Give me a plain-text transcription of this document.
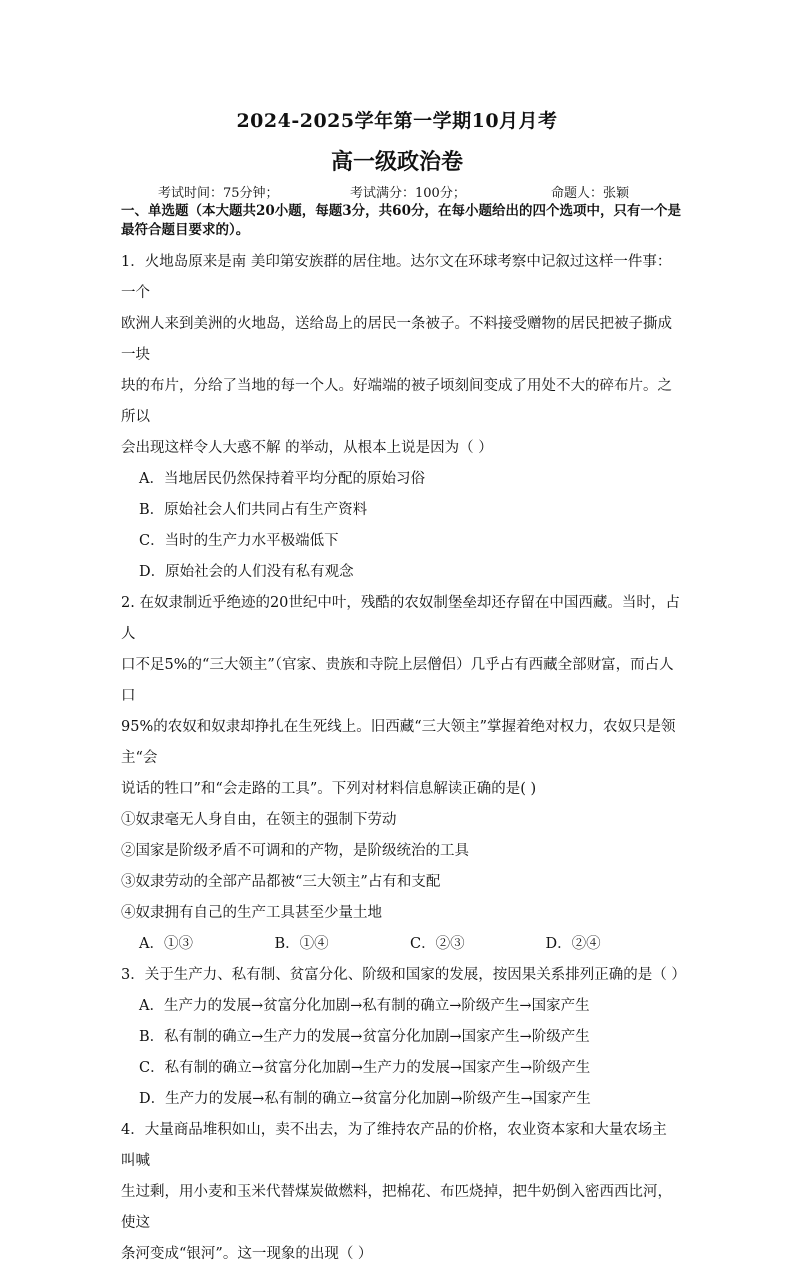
2024-2025学年第一学期10月月考
高一级政治卷
考试时间：75分钟；	考试满分：100分；	命题人：张颖
一、单选题（本大题共20小题，每题3分，共60分，在每小题给出的四个选项中，只有一个是最符合题目要求的）。

1．火地岛原来是南 美印第安族群的居住地。达尔文在环球考察中记叙过这样一件事：一个

欧洲人来到美洲的火地岛，送给岛上的居民一条被子。不料接受赠物的居民把被子撕成一块

块的布片，分给了当地的每一个人。好端端的被子顷刻间变成了用处不大的碎布片。之所以

会出现这样令人大惑不解 的举动，从根本上说是因为（ ）

A．当地居民仍然保持着平均分配的原始习俗

B．原始社会人们共同占有生产资料

C．当时的生产力水平极端低下

D．原始社会的人们没有私有观念

2. 在奴隶制近乎绝迹的20世纪中叶，残酷的农奴制堡垒却还存留在中国西藏。当时，占人

口不足5%的“三大领主”（官家、贵族和寺院上层僧侣）几乎占有西藏全部财富，而占人口

95%的农奴和奴隶却挣扎在生死线上。旧西藏“三大领主”掌握着绝对权力，农奴只是领主“会

说话的牲口”和“会走路的工具”。下列对材料信息解读正确的是( )

①奴隶毫无人身自由，在领主的强制下劳动

②国家是阶级矛盾不可调和的产物，是阶级统治的工具

③奴隶劳动的全部产品都被“三大领主”占有和支配

④奴隶拥有自己的生产工具甚至少量土地

A．①③	B．①④	C．②③	D．②④

3．关于生产力、私有制、贫富分化、阶级和国家的发展，按因果关系排列正确的是（ ）

A．生产力的发展→贫富分化加剧→私有制的确立→阶级产生→国家产生

B．私有制的确立→生产力的发展→贫富分化加剧→国家产生→阶级产生

C．私有制的确立→贫富分化加剧→生产力的发展→国家产生→阶级产生

D．生产力的发展→私有制的确立→贫富分化加剧→阶级产生→国家产生

4．大量商品堆积如山，卖不出去，为了维持农产品的价格，农业资本家和大量农场主叫喊

生过剩，用小麦和玉米代替煤炭做燃料，把棉花、布匹烧掉，把牛奶倒入密西西比河，使这

条河变成“银河”。这一现象的出现（ ）
